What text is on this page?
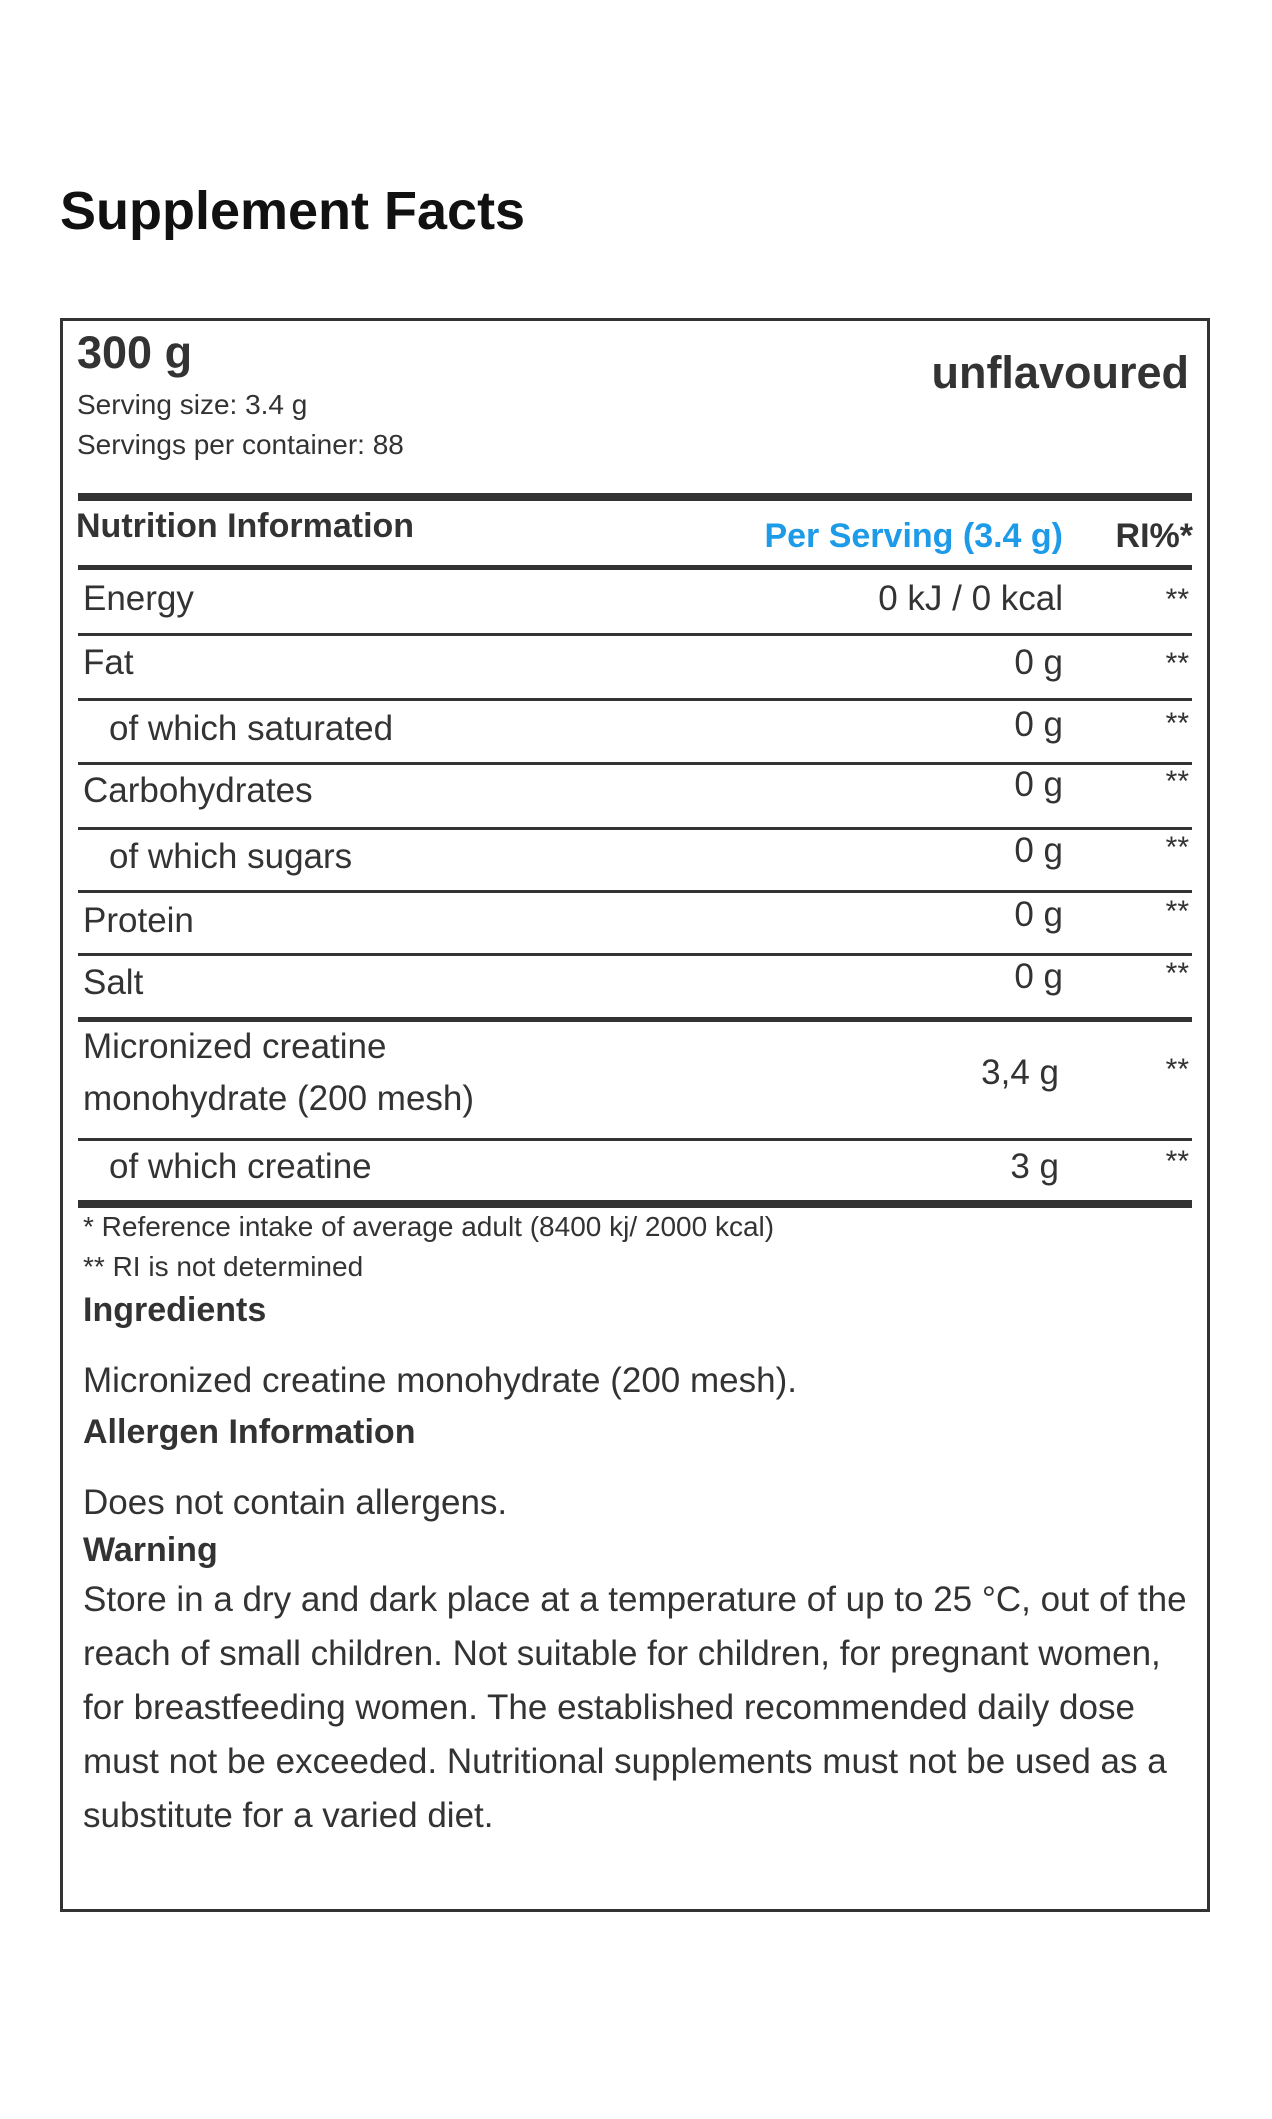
Supplement Facts
300 g	unflavoured
Serving size: 3.4 g
Servings per container: 88
Nutrition Information	Per Serving (3.4 g) RI%*
Energy	0 kJ / 0 kcal	**
Fat	0 g	**
of which saturated	0 g	**
Carbohydrates	0 g	**
of which sugars	0 g	**
Protein	0 g	**
Salt	0 g	**
Micronized creatine
monohydrate (200 mesh)
3,4 g	**
of which creatine	3 g	**
* Reference intake of average adult (8400 kj/ 2000 kcal)
** RI is not determined
Ingredients
Micronized creatine monohydrate (200 mesh).
Allergen Information
Does not contain allergens.
Warning
Store in a dry and dark place at a temperature of up to 25 °C, out of the reach of small children. Not suitable for children, for pregnant women, for breastfeeding women. The established recommended daily dose must not be exceeded. Nutritional supplements must not be used as a substitute for a varied diet.
